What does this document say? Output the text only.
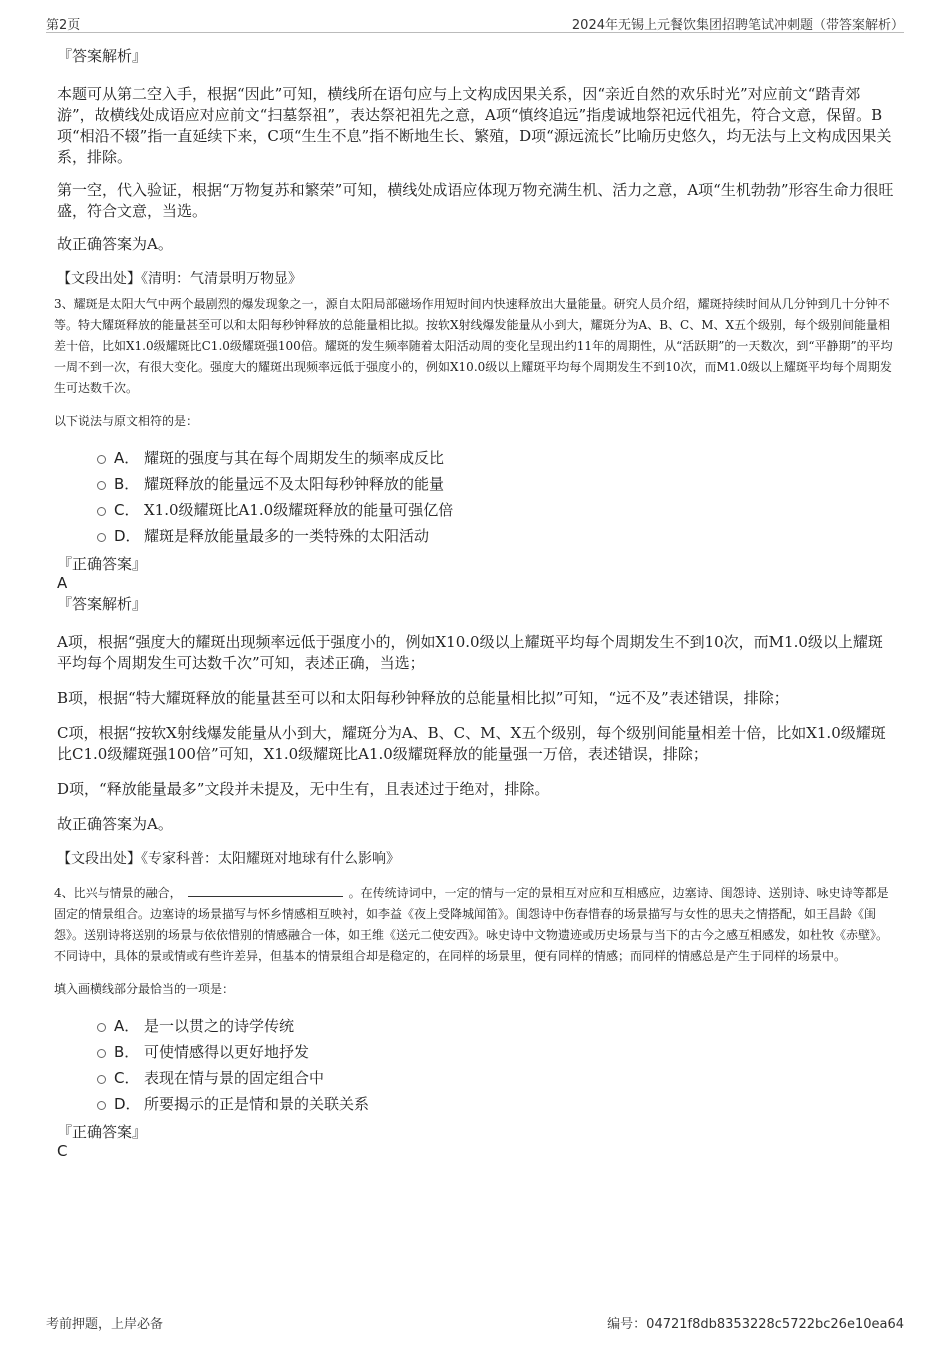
第2页	2024年无锡上元餐饮集团招聘笔试冲刺题（带答案解析）

『答案解析』

本题可从第二空入手，根据“因此”可知，横线所在语句应与上文构成因果关系，因“亲近自然的欢乐时光”对应前文“踏青郊游”，故横线处成语应对应前文“扫墓祭祖”，表达祭祀祖先之意，A项“慎终追远”指虔诚地祭祀远代祖先，符合文意，保留。B项“相沿不辍”指一直延续下来，C项“生生不息”指不断地生长、繁殖，D项“源远流长”比喻历史悠久，均无法与上文构成因果关系，排除。

第一空，代入验证，根据“万物复苏和繁荣”可知，横线处成语应体现万物充满生机、活力之意，A项“生机勃勃”形容生命力很旺盛，符合文意，当选。

故正确答案为A。

【文段出处】《清明：气清景明万物显》

3、耀斑是太阳大气中两个最剧烈的爆发现象之一，源自太阳局部磁场作用短时间内快速释放出大量能量。研究人员介绍，耀斑持续时间从几分钟到几十分钟不等。特大耀斑释放的能量甚至可以和太阳每秒钟释放的总能量相比拟。按软X射线爆发能量从小到大，耀斑分为A、B、C、M、X五个级别，每个级别间能量相差十倍，比如X1.0级耀斑比C1.0级耀斑强100倍。耀斑的发生频率随着太阳活动周的变化呈现出约11年的周期性，从“活跃期”的一天数次，到“平静期”的平均一周不到一次，有很大变化。强度大的耀斑出现频率远低于强度小的，例如X10.0级以上耀斑平均每个周期发生不到10次，而M1.0级以上耀斑平均每个周期发生可达数千次。

以下说法与原文相符的是：

A． 耀斑的强度与其在每个周期发生的频率成反比
B． 耀斑释放的能量远不及太阳每秒钟释放的能量
C． X1.0级耀斑比A1.0级耀斑释放的能量可强亿倍
D． 耀斑是释放能量最多的一类特殊的太阳活动

『正确答案』

A

『答案解析』

A项，根据“强度大的耀斑出现频率远低于强度小的，例如X10.0级以上耀斑平均每个周期发生不到10次，而M1.0级以上耀斑平均每个周期发生可达数千次”可知，表述正确，当选；

B项，根据“特大耀斑释放的能量甚至可以和太阳每秒钟释放的总能量相比拟”可知，“远不及”表述错误，排除；

C项，根据“按软X射线爆发能量从小到大，耀斑分为A、B、C、M、X五个级别，每个级别间能量相差十倍，比如X1.0级耀斑比C1.0级耀斑强100倍”可知，X1.0级耀斑比A1.0级耀斑释放的能量强一万倍，表述错误，排除；

D项，“释放能量最多”文段并未提及，无中生有，且表述过于绝对，排除。

故正确答案为A。

【文段出处】《专家科普：太阳耀斑对地球有什么影响》

4、比兴与情景的融合，	。在传统诗词中，一定的情与一定的景相互对应和互相感应，边塞诗、闺怨诗、送别诗、咏史诗等都是固定的情景组合。边塞诗的场景描写与怀乡情感相互映衬，如李益《夜上受降城闻笛》。闺怨诗中伤春惜春的场景描写与女性的思夫之情搭配，如王昌龄《闺怨》。送别诗将送别的场景与依依惜别的情感融合一体，如王维《送元二使安西》。咏史诗中文物遗迹或历史场景与当下的古今之感互相感发，如杜牧《赤壁》。不同诗中，具体的景或情或有些许差异，但基本的情景组合却是稳定的，在同样的场景里，便有同样的情感；而同样的情感总是产生于同样的场景中。

填入画横线部分最恰当的一项是：

A． 是一以贯之的诗学传统
B． 可使情感得以更好地抒发
C． 表现在情与景的固定组合中
D． 所要揭示的正是情和景的关联关系

『正确答案』

C

考前押题，上岸必备	编号：04721f8db8353228c5722bc26e10ea64
